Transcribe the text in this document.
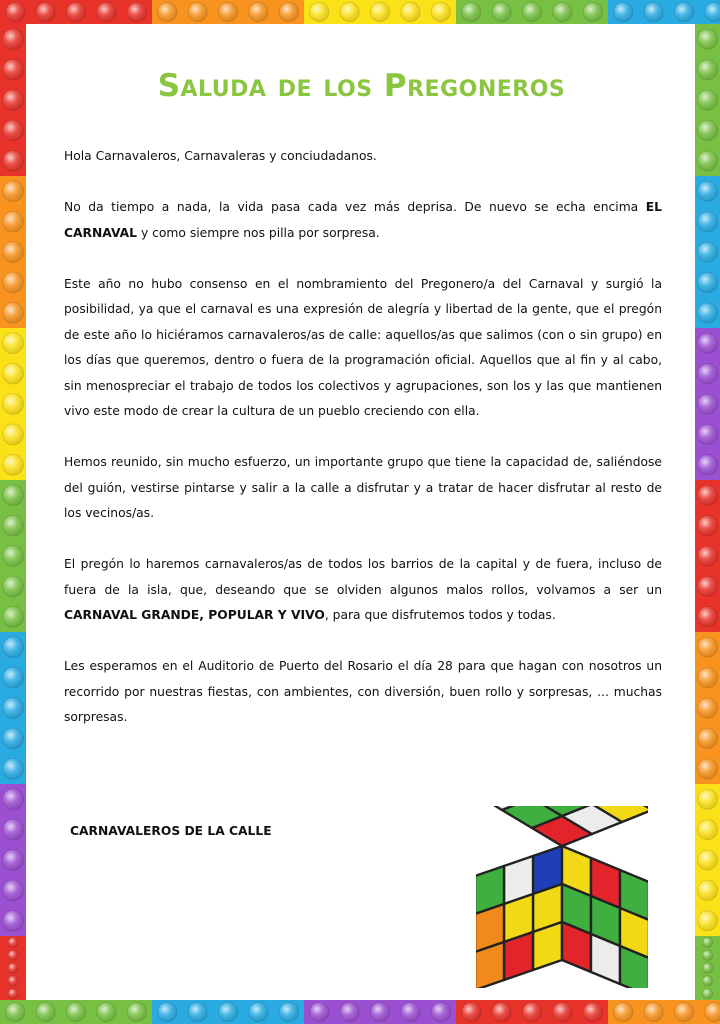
Saluda de los Pregoneros

Hola Carnavaleros, Carnavaleras y conciudadanos.

No da tiempo a nada, la vida pasa cada vez más deprisa. De nuevo se echa encima EL CARNAVAL y como siempre nos pilla por sorpresa.

Este año no hubo consenso en el nombramiento del Pregonero/a del Carnaval y surgió la posibilidad, ya que el carnaval es una expresión de alegría y libertad de la gente, que el pregón de este año lo hiciéramos carnavaleros/as de calle: aquellos/as que salimos (con o sin grupo) en los días que queremos, dentro o fuera de la programación oficial. Aquellos que al fin y al cabo, sin menospreciar el trabajo de todos los colectivos y agrupaciones, son los y las que mantienen vivo este modo de crear la cultura de un pueblo creciendo con ella.

Hemos reunido, sin mucho esfuerzo, un importante grupo que tiene la capacidad de, saliéndose del guión, vestirse pintarse y salir a la calle a disfrutar y a tratar de hacer disfrutar al resto de los vecinos/as.

El pregón lo haremos carnavaleros/as de todos los barrios de la capital y de fuera, incluso de fuera de la isla, que, deseando que se olviden algunos malos rollos, volvamos a ser un CARNAVAL GRANDE, POPULAR Y VIVO, para que disfrutemos todos y todas.

Les esperamos en el Auditorio de Puerto del Rosario el día 28 para que hagan con nosotros un recorrido por nuestras fiestas, con ambientes, con diversión, buen rollo y sorpresas, ... muchas sorpresas.

CARNAVALEROS DE LA CALLE
